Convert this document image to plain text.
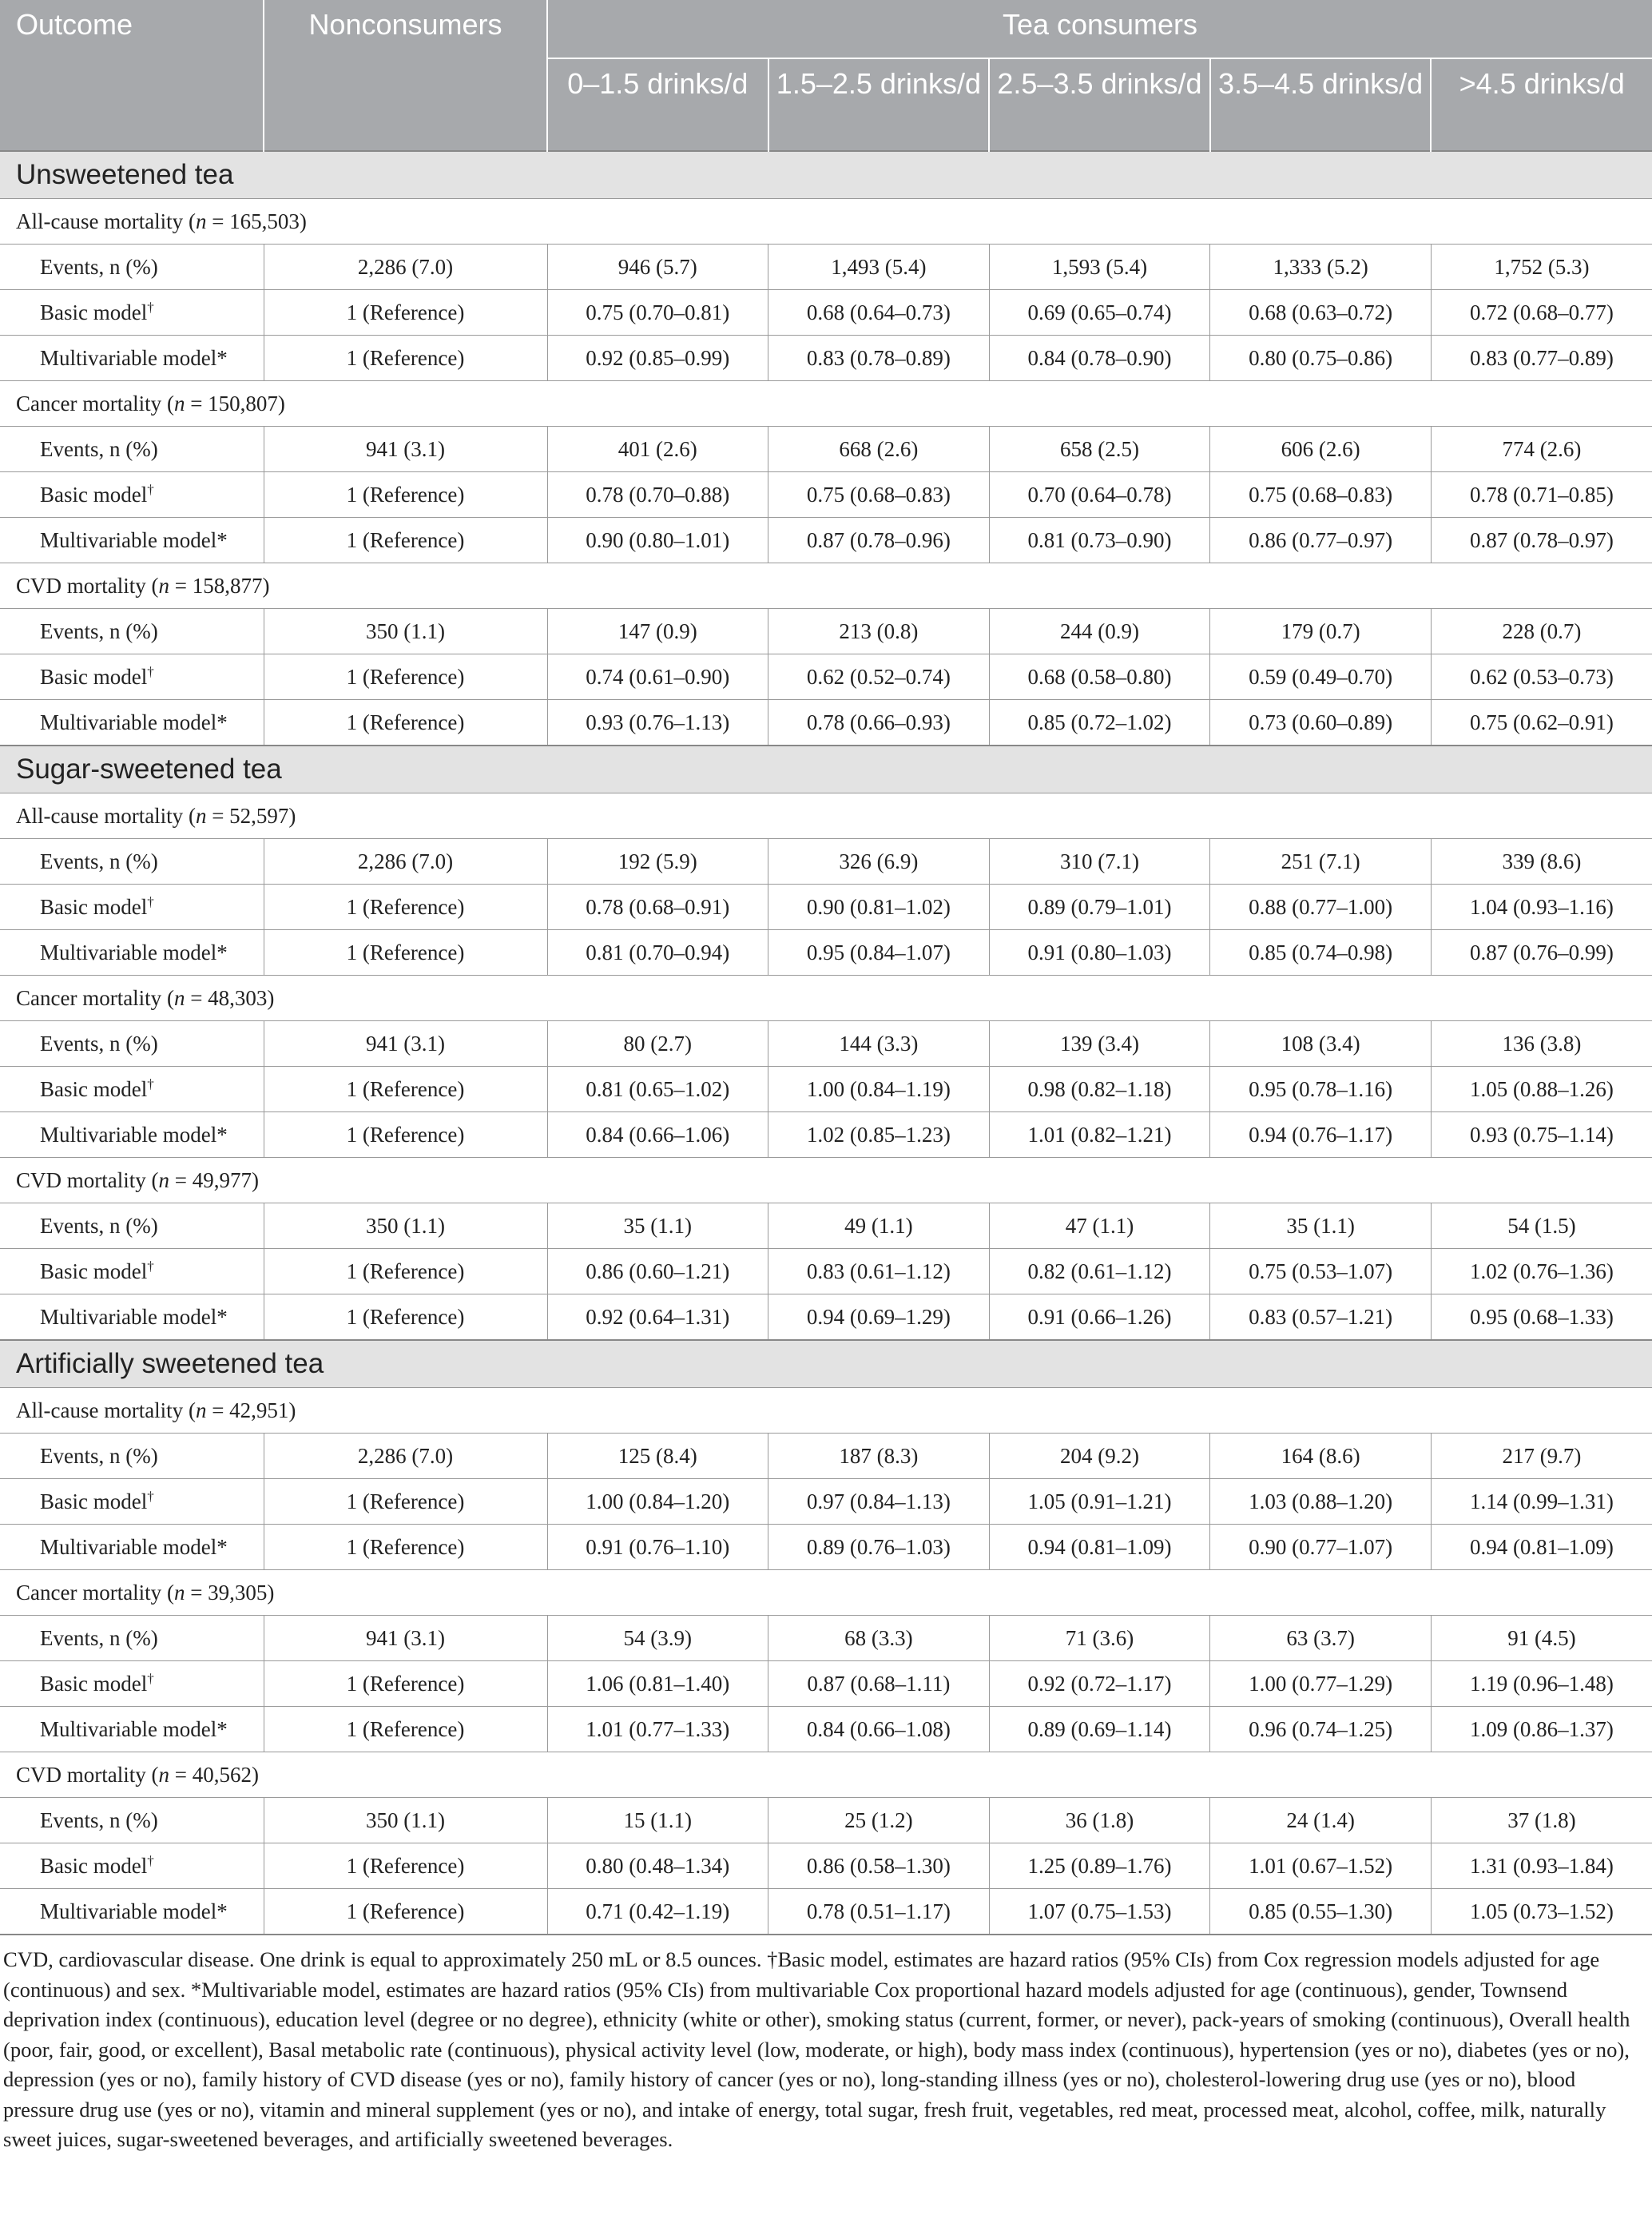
Outcome	Nonconsumers	Tea consumers				
		0–1.5 drinks/d	1.5–2.5 drinks/d	2.5–3.5 drinks/d	3.5–4.5 drinks/d	>4.5 drinks/d
Unsweetened tea						
All-cause mortality (n = 165,503)						
Events, n (%)	2,286 (7.0)	946 (5.7)	1,493 (5.4)	1,593 (5.4)	1,333 (5.2)	1,752 (5.3)
Basic model†	1 (Reference)	0.75 (0.70–0.81)	0.68 (0.64–0.73)	0.69 (0.65–0.74)	0.68 (0.63–0.72)	0.72 (0.68–0.77)
Multivariable model*	1 (Reference)	0.92 (0.85–0.99)	0.83 (0.78–0.89)	0.84 (0.78–0.90)	0.80 (0.75–0.86)	0.83 (0.77–0.89)
Cancer mortality (n = 150,807)						
Events, n (%)	941 (3.1)	401 (2.6)	668 (2.6)	658 (2.5)	606 (2.6)	774 (2.6)
Basic model†	1 (Reference)	0.78 (0.70–0.88)	0.75 (0.68–0.83)	0.70 (0.64–0.78)	0.75 (0.68–0.83)	0.78 (0.71–0.85)
Multivariable model*	1 (Reference)	0.90 (0.80–1.01)	0.87 (0.78–0.96)	0.81 (0.73–0.90)	0.86 (0.77–0.97)	0.87 (0.78–0.97)
CVD mortality (n = 158,877)						
Events, n (%)	350 (1.1)	147 (0.9)	213 (0.8)	244 (0.9)	179 (0.7)	228 (0.7)
Basic model†	1 (Reference)	0.74 (0.61–0.90)	0.62 (0.52–0.74)	0.68 (0.58–0.80)	0.59 (0.49–0.70)	0.62 (0.53–0.73)
Multivariable model*	1 (Reference)	0.93 (0.76–1.13)	0.78 (0.66–0.93)	0.85 (0.72–1.02)	0.73 (0.60–0.89)	0.75 (0.62–0.91)
Sugar-sweetened tea						
All-cause mortality (n = 52,597)						
Events, n (%)	2,286 (7.0)	192 (5.9)	326 (6.9)	310 (7.1)	251 (7.1)	339 (8.6)
Basic model†	1 (Reference)	0.78 (0.68–0.91)	0.90 (0.81–1.02)	0.89 (0.79–1.01)	0.88 (0.77–1.00)	1.04 (0.93–1.16)
Multivariable model*	1 (Reference)	0.81 (0.70–0.94)	0.95 (0.84–1.07)	0.91 (0.80–1.03)	0.85 (0.74–0.98)	0.87 (0.76–0.99)
Cancer mortality (n = 48,303)						
Events, n (%)	941 (3.1)	80 (2.7)	144 (3.3)	139 (3.4)	108 (3.4)	136 (3.8)
Basic model†	1 (Reference)	0.81 (0.65–1.02)	1.00 (0.84–1.19)	0.98 (0.82–1.18)	0.95 (0.78–1.16)	1.05 (0.88–1.26)
Multivariable model*	1 (Reference)	0.84 (0.66–1.06)	1.02 (0.85–1.23)	1.01 (0.82–1.21)	0.94 (0.76–1.17)	0.93 (0.75–1.14)
CVD mortality (n = 49,977)						
Events, n (%)	350 (1.1)	35 (1.1)	49 (1.1)	47 (1.1)	35 (1.1)	54 (1.5)
Basic model†	1 (Reference)	0.86 (0.60–1.21)	0.83 (0.61–1.12)	0.82 (0.61–1.12)	0.75 (0.53–1.07)	1.02 (0.76–1.36)
Multivariable model*	1 (Reference)	0.92 (0.64–1.31)	0.94 (0.69–1.29)	0.91 (0.66–1.26)	0.83 (0.57–1.21)	0.95 (0.68–1.33)
Artificially sweetened tea						
All-cause mortality (n = 42,951)						
Events, n (%)	2,286 (7.0)	125 (8.4)	187 (8.3)	204 (9.2)	164 (8.6)	217 (9.7)
Basic model†	1 (Reference)	1.00 (0.84–1.20)	0.97 (0.84–1.13)	1.05 (0.91–1.21)	1.03 (0.88–1.20)	1.14 (0.99–1.31)
Multivariable model*	1 (Reference)	0.91 (0.76–1.10)	0.89 (0.76–1.03)	0.94 (0.81–1.09)	0.90 (0.77–1.07)	0.94 (0.81–1.09)
Cancer mortality (n = 39,305)						
Events, n (%)	941 (3.1)	54 (3.9)	68 (3.3)	71 (3.6)	63 (3.7)	91 (4.5)
Basic model†	1 (Reference)	1.06 (0.81–1.40)	0.87 (0.68–1.11)	0.92 (0.72–1.17)	1.00 (0.77–1.29)	1.19 (0.96–1.48)
Multivariable model*	1 (Reference)	1.01 (0.77–1.33)	0.84 (0.66–1.08)	0.89 (0.69–1.14)	0.96 (0.74–1.25)	1.09 (0.86–1.37)
CVD mortality (n = 40,562)						
Events, n (%)	350 (1.1)	15 (1.1)	25 (1.2)	36 (1.8)	24 (1.4)	37 (1.8)
Basic model†	1 (Reference)	0.80 (0.48–1.34)	0.86 (0.58–1.30)	1.25 (0.89–1.76)	1.01 (0.67–1.52)	1.31 (0.93–1.84)
Multivariable model*	1 (Reference)	0.71 (0.42–1.19)	0.78 (0.51–1.17)	1.07 (0.75–1.53)	0.85 (0.55–1.30)	1.05 (0.73–1.52)
CVD, cardiovascular disease. One drink is equal to approximately 250 mL or 8.5 ounces. †Basic model, estimates are hazard ratios (95% CIs) from Cox regression models adjusted for age (continuous) and sex. *Multivariable model, estimates are hazard ratios (95% CIs) from multivariable Cox proportional hazard models adjusted for age (continuous), gender, Townsend deprivation index (continuous), education level (degree or no degree), ethnicity (white or other), smoking status (current, former, or never), pack-years of smoking (continuous), Overall health (poor, fair, good, or excellent), Basal metabolic rate (continuous), physical activity level (low, moderate, or high), body mass index (continuous), hypertension (yes or no), diabetes (yes or no), depression (yes or no), family history of CVD disease (yes or no), family history of cancer (yes or no), long-standing illness (yes or no), cholesterol-lowering drug use (yes or no), blood pressure drug use (yes or no), vitamin and mineral supplement (yes or no), and intake of energy, total sugar, fresh fruit, vegetables, red meat, processed meat, alcohol, coffee, milk, naturally sweet juices, sugar-sweetened beverages, and artificially sweetened beverages.
